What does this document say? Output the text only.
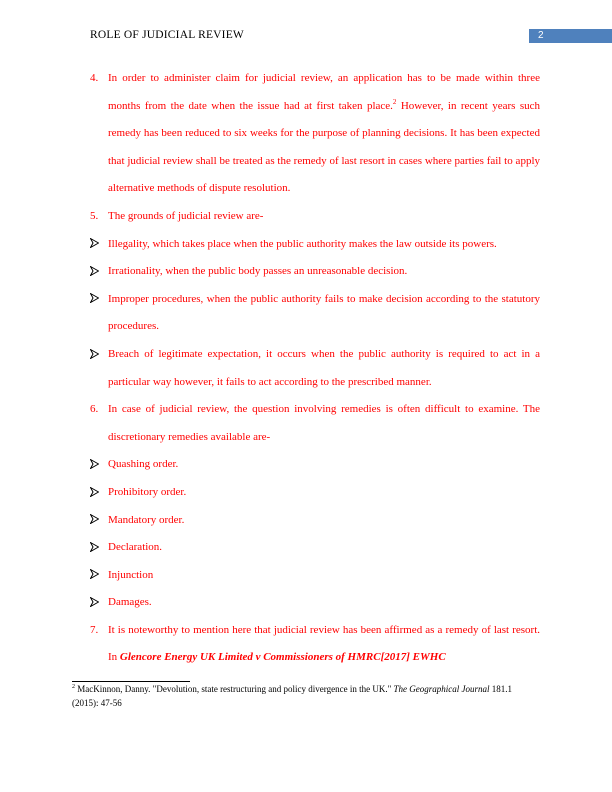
ROLE OF JUDICIAL REVIEW	2
4. In order to administer claim for judicial review, an application has to be made within three months from the date when the issue had at first taken place.$^2$ However, in recent years such remedy has been reduced to six weeks for the purpose of planning decisions. It has been expected that judicial review shall be treated as the remedy of last resort in cases where parties fail to apply alternative methods of dispute resolution.
5. The grounds of judicial review are-
Illegality, which takes place when the public authority makes the law outside its powers.
Irrationality, when the public body passes an unreasonable decision.
Improper procedures, when the public authority fails to make decision according to the statutory procedures.
Breach of legitimate expectation, it occurs when the public authority is required to act in a particular way however, it fails to act according to the prescribed manner.
6. In case of judicial review, the question involving remedies is often difficult to examine. The discretionary remedies available are-
Quashing order.
Prohibitory order.
Mandatory order.
Declaration.
Injunction
Damages.
7. It is noteworthy to mention here that judicial review has been affirmed as a remedy of last resort. In Glencore Energy UK Limited v Commissioners of HMRC[2017] EWHC
$^2$ MacKinnon, Danny. "Devolution, state restructuring and policy divergence in the UK." The Geographical Journal 181.1 (2015): 47-56
